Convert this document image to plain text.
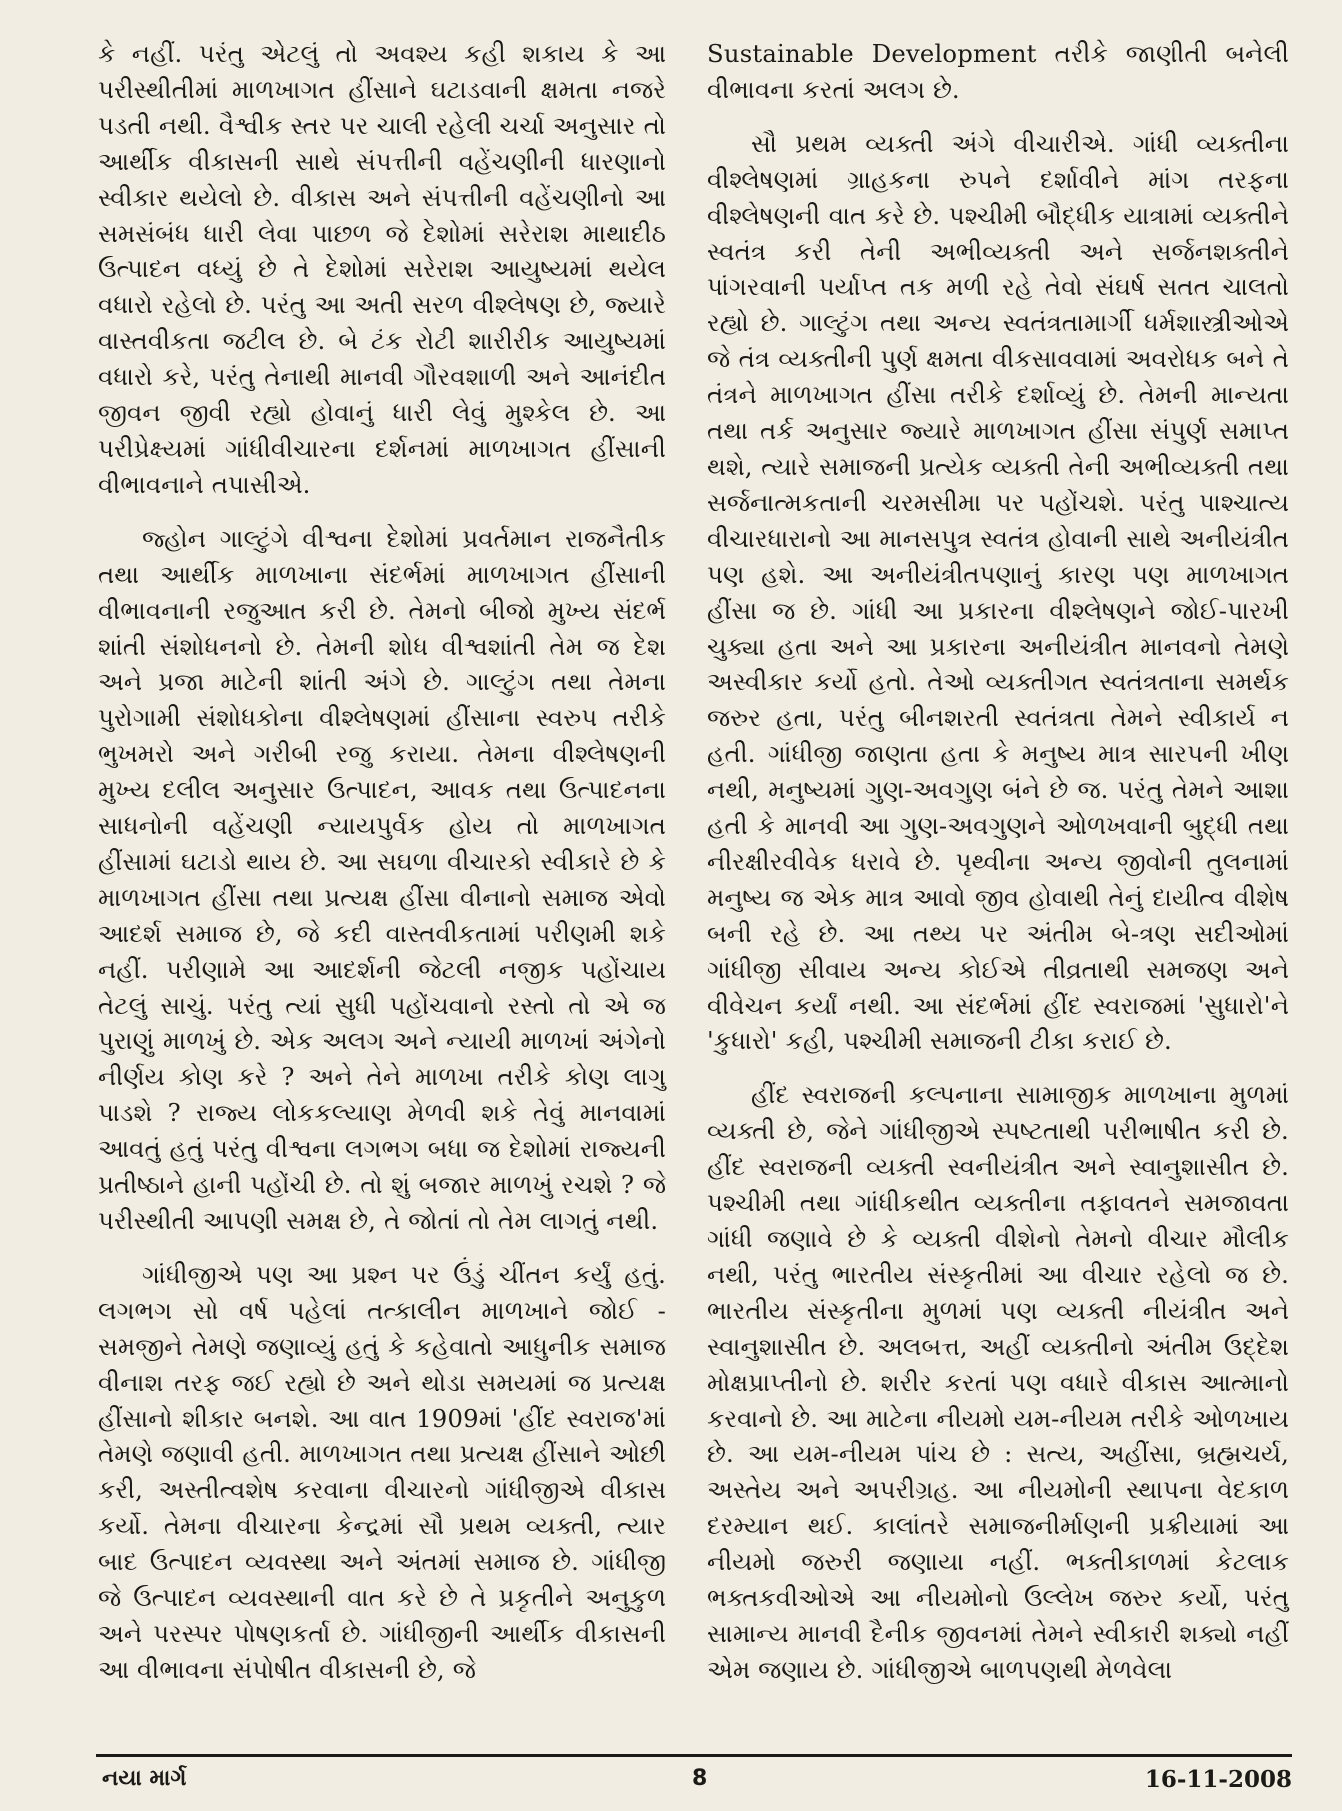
કે નહીં. પરંતુ એટલું તો અવશ્ય કહી શકાય કે આ પરીસ્થીતીમાં માળખાગત હીંસાને ઘટાડવાની ક્ષમતા નજરે પડતી નથી. વૈશ્વીક સ્તર પર ચાલી રહેલી ચર્ચા અનુસાર તો આર્થીક વીકાસની સાથે સંપત્તીની વહેંચણીની ધારણાનો સ્વીકાર થયેલો છે. વીકાસ અને સંપત્તીની વહેંચણીનો આ સમસંબંધ ધારી લેવા પાછળ જે દેશોમાં સરેરાશ માથાદીઠ ઉત્પાદન વધ્યું છે તે દેશોમાં સરેરાશ આયુષ્યમાં થયેલ વધારો રહેલો છે. પરંતુ આ અતી સરળ વીશ્લેષણ છે, જ્યારે વાસ્તવીકતા જટીલ છે. બે ટંક રોટી શારીરીક આયુષ્યમાં વધારો કરે, પરંતુ તેનાથી માનવી ગૌરવશાળી અને આનંદીત જીવન જીવી રહ્યો હોવાનું ધારી લેવું મુશ્કેલ છે. આ પરીપ્રેક્ષ્યમાં ગાંધીવીચારના દર્શનમાં માળખાગત હીંસાની વીભાવનાને તપાસીએ.

જ્હોન ગાલ્ટુંગે વીશ્વના દેશોમાં પ્રવર્તમાન રાજનૈતીક તથા આર્થીક માળખાના સંદર્ભમાં માળખાગત હીંસાની વીભાવનાની રજુઆત કરી છે. તેમનો બીજો મુખ્ય સંદર્ભ શાંતી સંશોધનનો છે. તેમની શોધ વીશ્વશાંતી તેમ જ દેશ અને પ્રજા માટેની શાંતી અંગે છે. ગાલ્ટુંગ તથા તેમના પુરોગામી સંશોધકોના વીશ્લેષણમાં હીંસાના સ્વરુપ તરીકે ભુખમરો અને ગરીબી રજુ કરાયા. તેમના વીશ્લેષણની મુખ્ય દલીલ અનુસાર ઉત્પાદન, આવક તથા ઉત્પાદનના સાધનોની વહેંચણી ન્યાયપુર્વક હોય તો માળખાગત હીંસામાં ઘટાડો થાય છે. આ સઘળા વીચારકો સ્વીકારે છે કે માળખાગત હીંસા તથા પ્રત્યક્ષ હીંસા વીનાનો સમાજ એવો આદર્શ સમાજ છે, જે કદી વાસ્તવીકતામાં પરીણમી શકે નહીં. પરીણામે આ આદર્શની જેટલી નજીક પહોંચાય તેટલું સાચું. પરંતુ ત્યાં સુધી પહોંચવાનો રસ્તો તો એ જ પુરાણું માળખું છે. એક અલગ અને ન્યાયી માળખાં અંગેનો નીર્ણય કોણ કરે ? અને તેને માળખા તરીકે કોણ લાગુ પાડશે ? રાજ્ય લોકકલ્યાણ મેળવી શકે તેવું માનવામાં આવતું હતું પરંતુ વીશ્વના લગભગ બધા જ દેશોમાં રાજ્યની પ્રતીષ્ઠાને હાની પહોંચી છે. તો શું બજાર માળખું રચશે ? જે પરીસ્થીતી આપણી સમક્ષ છે, તે જોતાં તો તેમ લાગતું નથી.

ગાંધીજીએ પણ આ પ્રશ્ન પર ઉંડું ચીંતન કર્યું હતું. લગભગ સો વર્ષ પહેલાં તત્કાલીન માળખાને જોઈ - સમજીને તેમણે જણાવ્યું હતું કે કહેવાતો આધુનીક સમાજ વીનાશ તરફ જઈ રહ્યો છે અને થોડા સમયમાં જ પ્રત્યક્ષ હીંસાનો શીકાર બનશે. આ વાત 1909માં 'હીંદ સ્વરાજ'માં તેમણે જણાવી હતી. માળખાગત તથા પ્રત્યક્ષ હીંસાને ઓછી કરી, અસ્તીત્વશેષ કરવાના વીચારનો ગાંધીજીએ વીકાસ કર્યો. તેમના વીચારના કેન્દ્રમાં સૌ પ્રથમ વ્યક્તી, ત્યાર બાદ ઉત્પાદન વ્યવસ્થા અને અંતમાં સમાજ છે. ગાંધીજી જે ઉત્પાદન વ્યવસ્થાની વાત કરે છે તે પ્રકૃતીને અનુકુળ અને પરસ્પર પોષણકર્તા છે. ગાંધીજીની આર્થીક વીકાસની આ વીભાવના સંપોષીત વીકાસની છે, જે

Sustainable Development તરીકે જાણીતી બનેલી વીભાવના કરતાં અલગ છે.

સૌ પ્રથમ વ્યક્તી અંગે વીચારીએ. ગાંધી વ્યક્તીના વીશ્લેષણમાં ગ્રાહકના રુપને દર્શાવીને માંગ તરફના વીશ્લેષણની વાત કરે છે. પશ્ચીમી બૌદ્ધીક યાત્રામાં વ્યક્તીને સ્વતંત્ર કરી તેની અભીવ્યક્તી અને સર્જનશક્તીને પાંગરવાની પર્યાપ્ત તક મળી રહે તેવો સંઘર્ષ સતત ચાલતો રહ્યો છે. ગાલ્ટુંગ તથા અન્ય સ્વતંત્રતામાર્ગી ધર્મશાસ્ત્રીઓએ જે તંત્ર વ્યક્તીની પુર્ણ ક્ષમતા વીકસાવવામાં અવરોધક બને તે તંત્રને માળખાગત હીંસા તરીકે દર્શાવ્યું છે. તેમની માન્યતા તથા તર્ક અનુસાર જ્યારે માળખાગત હીંસા સંપુર્ણ સમાપ્ત થશે, ત્યારે સમાજની પ્રત્યેક વ્યક્તી તેની અભીવ્યક્તી તથા સર્જનાત્મકતાની ચરમસીમા પર પહોંચશે. પરંતુ પાશ્ચાત્ય વીચારધારાનો આ માનસપુત્ર સ્વતંત્ર હોવાની સાથે અનીયંત્રીત પણ હશે. આ અનીયંત્રીતપણાનું કારણ પણ માળખાગત હીંસા જ છે. ગાંધી આ પ્રકારના વીશ્લેષણને જોઈ-પારખી ચુક્યા હતા અને આ પ્રકારના અનીયંત્રીત માનવનો તેમણે અસ્વીકાર કર્યો હતો. તેઓ વ્યક્તીગત સ્વતંત્રતાના સમર્થક જરુર હતા, પરંતુ બીનશરતી સ્વતંત્રતા તેમને સ્વીકાર્ય ન હતી. ગાંધીજી જાણતા હતા કે મનુષ્ય માત્ર સારપની ખીણ નથી, મનુષ્યમાં ગુણ-અવગુણ બંને છે જ. પરંતુ તેમને આશા હતી કે માનવી આ ગુણ-અવગુણને ઓળખવાની બુદ્ધી તથા નીરક્ષીરવીવેક ધરાવે છે. પૃથ્વીના અન્ય જીવોની તુલનામાં મનુષ્ય જ એક માત્ર આવો જીવ હોવાથી તેનું દાયીત્વ વીશેષ બની રહે છે. આ તથ્ય પર અંતીમ બે-ત્રણ સદીઓમાં ગાંધીજી સીવાય અન્ય કોઈએ તીવ્રતાથી સમજણ અને વીવેચન કર્યાં નથી. આ સંદર્ભમાં હીંદ સ્વરાજમાં 'સુધારો'ને 'કુધારો' કહી, પશ્ચીમી સમાજની ટીકા કરાઈ છે.

હીંદ સ્વરાજની કલ્પનાના સામાજીક માળખાના મુળમાં વ્યક્તી છે, જેને ગાંધીજીએ સ્પષ્ટતાથી પરીભાષીત કરી છે. હીંદ સ્વરાજની વ્યક્તી સ્વનીયંત્રીત અને સ્વાનુશાસીત છે. પશ્ચીમી તથા ગાંધીકથીત વ્યક્તીના તફાવતને સમજાવતા ગાંધી જણાવે છે કે વ્યક્તી વીશેનો તેમનો વીચાર મૌલીક નથી, પરંતુ ભારતીય સંસ્કૃતીમાં આ વીચાર રહેલો જ છે. ભારતીય સંસ્કૃતીના મુળમાં પણ વ્યક્તી નીયંત્રીત અને સ્વાનુશાસીત છે. અલબત્ત, અહીં વ્યક્તીનો અંતીમ ઉદ્દેશ મોક્ષપ્રાપ્તીનો છે. શરીર કરતાં પણ વધારે વીકાસ આત્માનો કરવાનો છે. આ માટેના નીયમો યમ-નીયમ તરીકે ઓળખાય છે. આ યમ-નીયમ પાંચ છે : સત્ય, અહીંસા, બ્રહ્મચર્ય, અસ્તેય અને અપરીગ્રહ. આ નીયમોની સ્થાપના વેદકાળ દરમ્યાન થઈ. કાલાંતરે સમાજનીર્માણની પ્રક્રીયામાં આ નીયમો જરુરી જણાયા નહીં. ભક્તીકાળમાં કેટલાક ભક્તકવીઓએ આ નીયમોનો ઉલ્લેખ જરુર કર્યો, પરંતુ સામાન્ય માનવી દૈનીક જીવનમાં તેમને સ્વીકારી શક્યો નહીં એમ જણાય છે. ગાંધીજીએ બાળપણથી મેળવેલા

નયા માર્ગ	8	16-11-2008
